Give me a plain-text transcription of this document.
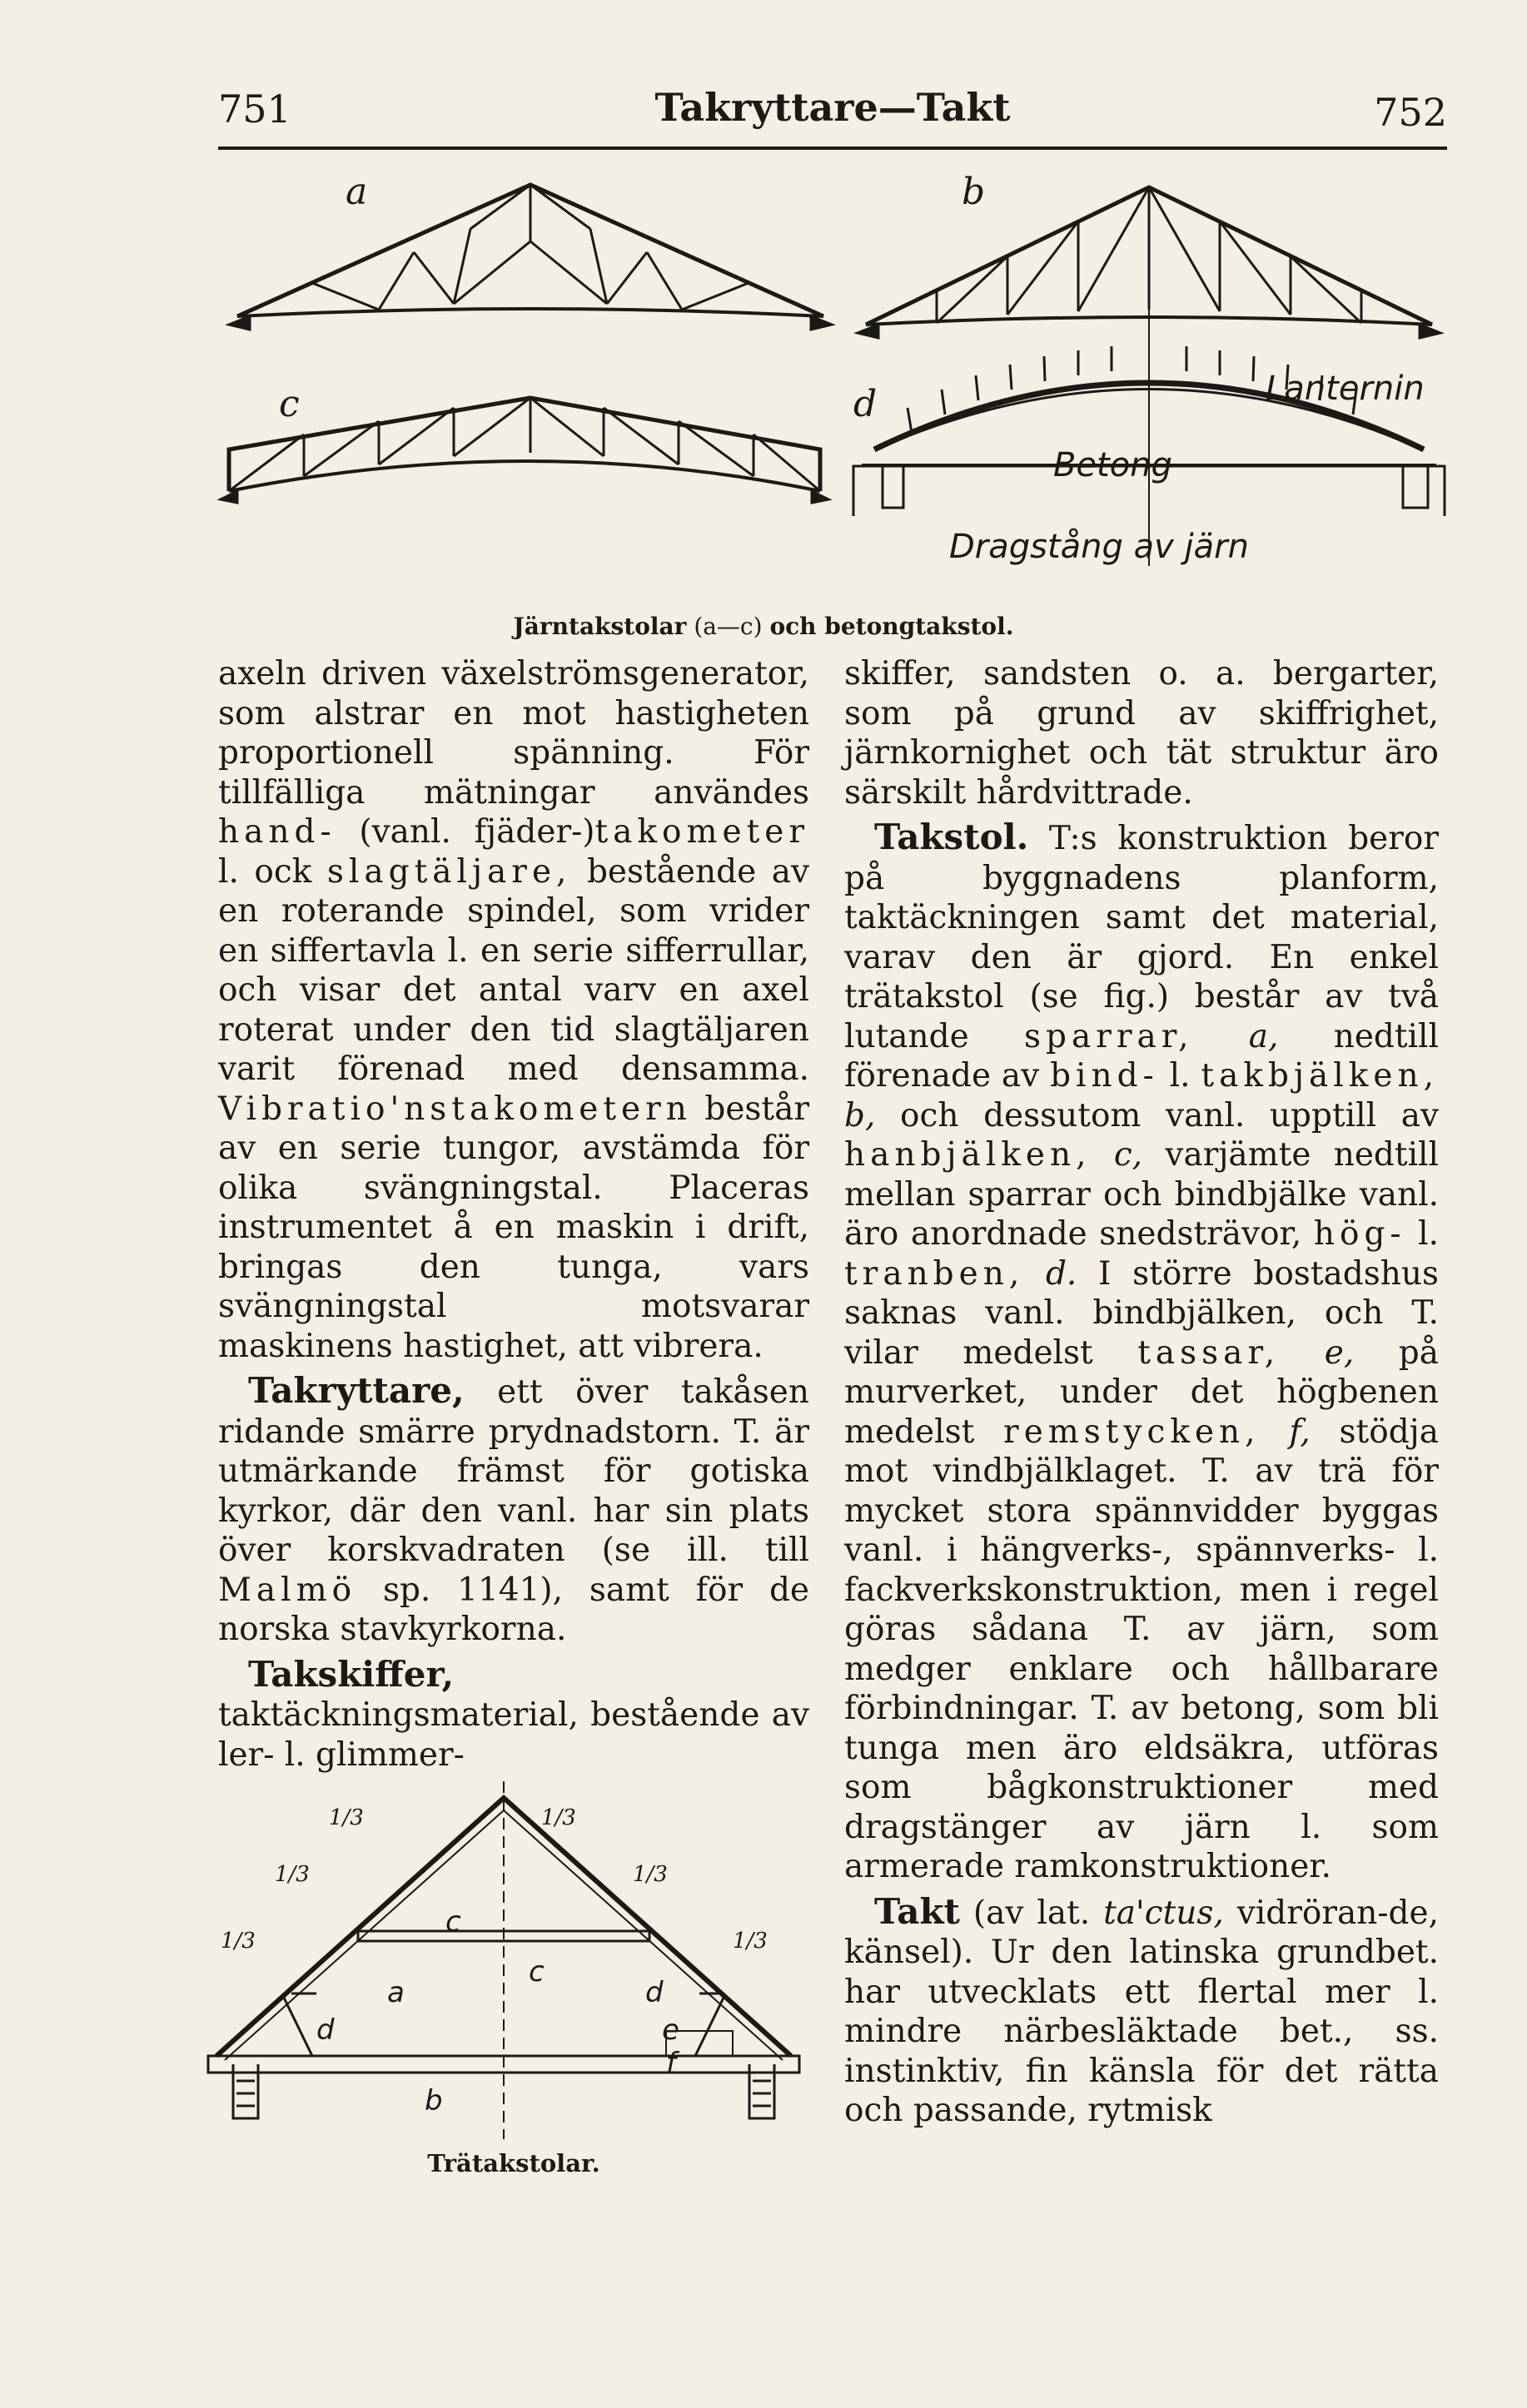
751	Takryttare—Takt	752
a	b
c	d	Lanternin
Betong
Dragstång av järn
Järntakstolar (a—c) och betongtakstol.

axeln driven växelströmsgenerator, som alstrar en mot hastigheten proportionell spänning. För tillfälliga mätningar användes hand- (vanl. fjäder-)takometer l. ock slagtäljare, bestående av en roterande spindel, som vrider en siffertavla l. en serie sifferrullar, och visar det antal varv en axel roterat under den tid slagtäljaren varit förenad med densamma. Vibratio'nstakometern består av en serie tungor, avstämda för olika svängningstal. Placeras instrumentet å en maskin i drift, bringas den tunga, vars svängningstal motsvarar maskinens hastighet, att vibrera.

Takryttare, ett över takåsen ridande smärre prydnadstorn. T. är utmärkande främst för gotiska kyrkor, där den vanl. har sin plats över korskvadraten (se ill. till Malmö sp. 1141), samt för de norska stavkyrkorna.

Takskiffer, taktäckningsmaterial, bestående av ler- l. glimmer-

skiffer, sandsten o. a. bergarter, som på grund av skiffrighet, järnkornighet och tät struktur äro särskilt hårdvittrade.

Takstol. T:s konstruktion beror på byggnadens planform, taktäckningen samt det material, varav den är gjord. En enkel trätakstol (se fig.) består av två lutande sparrar, a, nedtill förenade av bind- l. takbjälken, b, och dessutom vanl. upptill av hanbjälken, c, varjämte nedtill mellan sparrar och bindbjälke vanl. äro anordnade snedsträvor, hög- l. tranben, d. I större bostadshus saknas vanl. bindbjälken, och T. vilar medelst tassar, e, på murverket, under det högbenen medelst remstycken, f, stödja mot vindbjälklaget. T. av trä för mycket stora spännvidder byggas vanl. i hängverks-, spännverks- l. fackverkskonstruktion, men i regel göras sådana T. av järn, som medger enklare och hållbarare förbindningar. T. av betong, som bli tunga men äro eldsäkra, utföras som bågkonstruktioner med dragstänger av järn l. som armerade ramkonstruktioner.

Takt (av lat. ta'ctus, vidröran-de, känsel). Ur den latinska grundbet. har utvecklats ett flertal mer l. mindre närbesläktade bet., ss. instinktiv, fin känsla för det rätta och passande, rytmisk

1/3	1/3
1/3	1/3
1/3	1/3
a
b
c
c
d
d
e
f
Trätakstolar.
